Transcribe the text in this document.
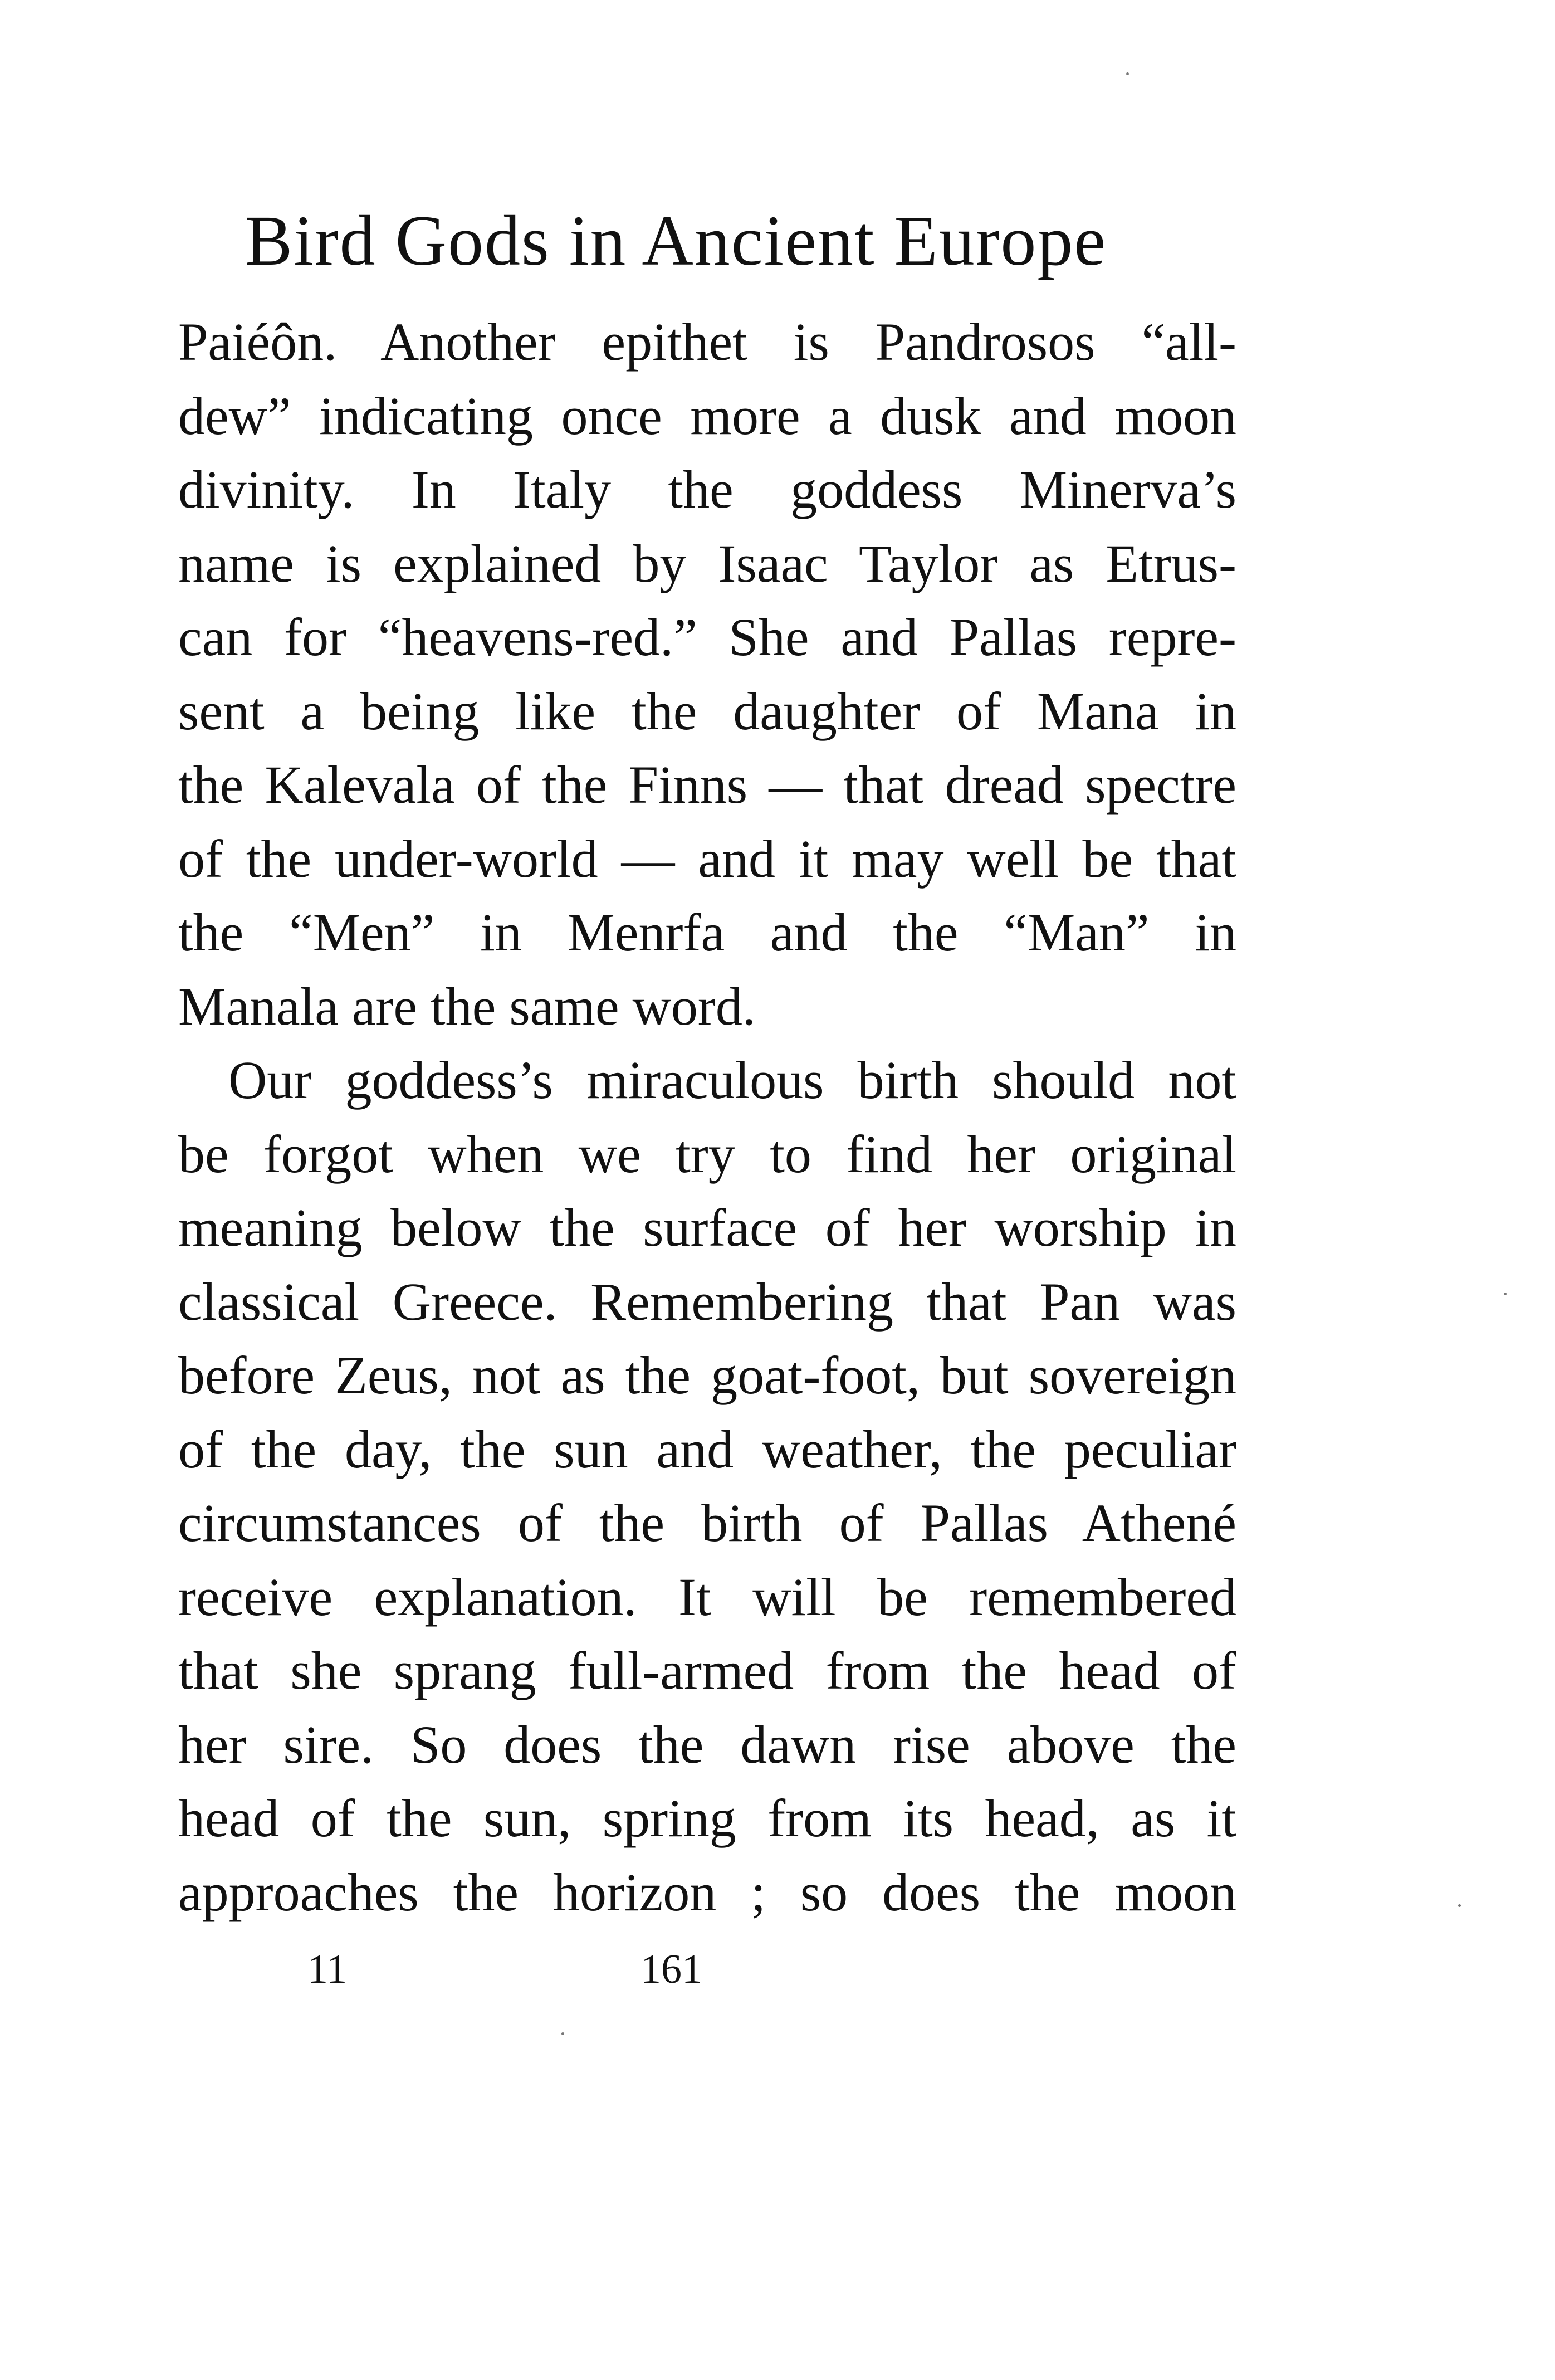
Bird Gods in Ancient Europe
Paiéôn. Another epithet is Pandrosos “all-
dew” indicating once more a dusk and moon
divinity. In Italy the goddess Minerva’s
name is explained by Isaac Taylor as Etrus-
can for “heavens-red.” She and Pallas repre-
sent a being like the daughter of Mana in
the Kalevala of the Finns — that dread spectre
of the under-world — and it may well be that
the “Men” in Menrfa and the “Man” in
Manala are the same word.
Our goddess’s miraculous birth should not
be forgot when we try to find her original
meaning below the surface of her worship in
classical Greece. Remembering that Pan was
before Zeus, not as the goat-foot, but sovereign
of the day, the sun and weather, the peculiar
circumstances of the birth of Pallas Athené
receive explanation. It will be remembered
that she sprang full-armed from the head of
her sire. So does the dawn rise above the
head of the sun, spring from its head, as it
approaches the horizon ; so does the moon
11	161
